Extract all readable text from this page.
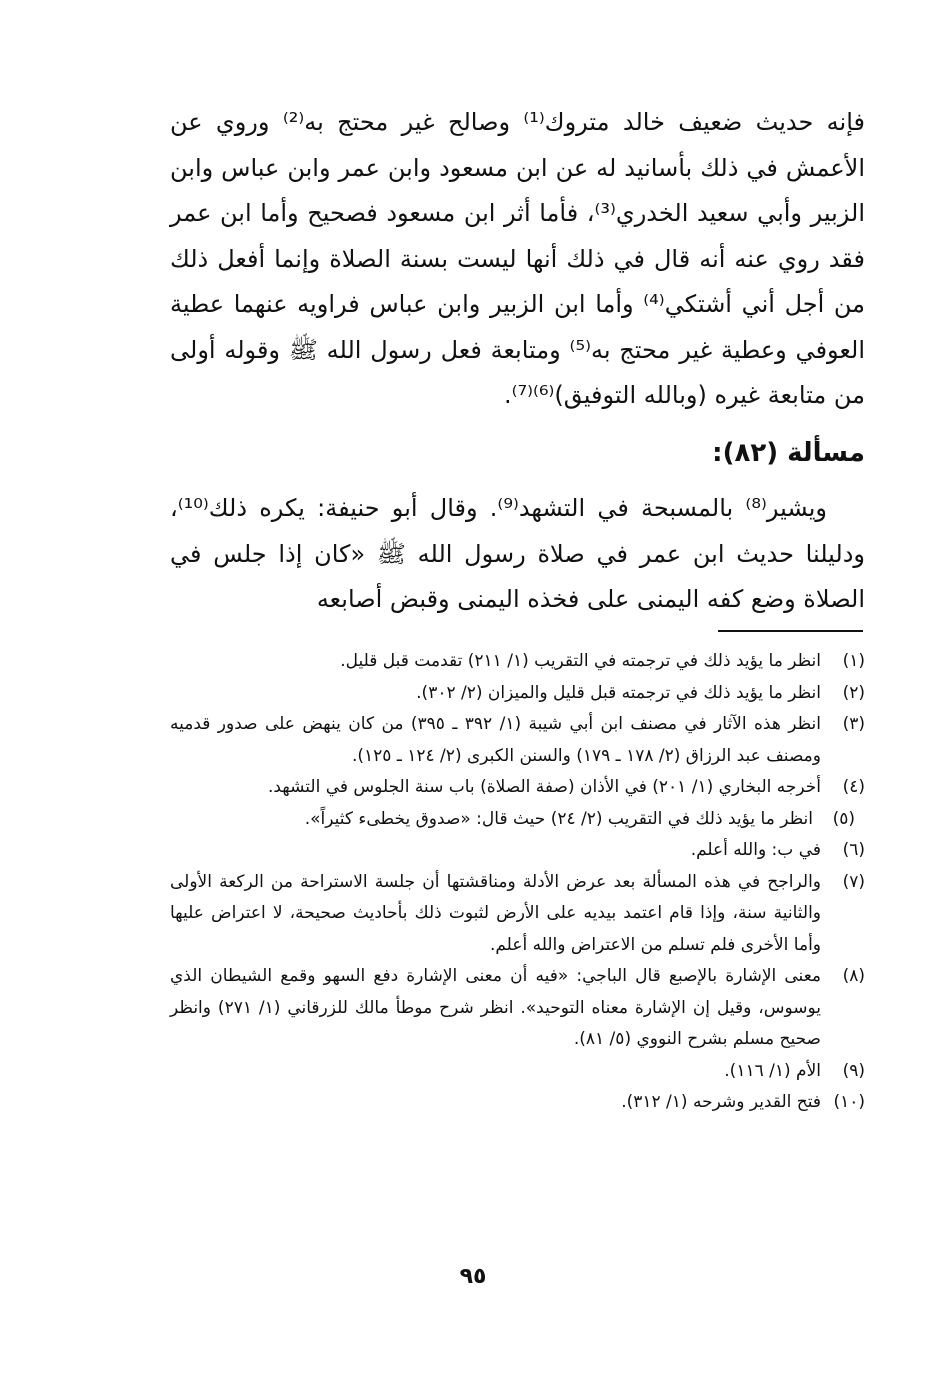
فإنه حديث ضعيف خالد متروك⁽¹⁾ وصالح غير محتج به⁽²⁾ وروي عن الأعمش في ذلك بأسانيد له عن ابن مسعود وابن عمر وابن عباس وابن الزبير وأبي سعيد الخدري⁽³⁾، فأما أثر ابن مسعود فصحيح وأما ابن عمر فقد روي عنه أنه قال في ذلك أنها ليست بسنة الصلاة وإنما أفعل ذلك من أجل أني أشتكي⁽⁴⁾ وأما ابن الزبير وابن عباس فراويه عنهما عطية العوفي وعطية غير محتج به⁽⁵⁾ ومتابعة فعل رسول الله ﷺ وقوله أولى من متابعة غيره (وبالله التوفيق)⁽⁶⁾⁽⁷⁾.

مسألة (٨٢):

ويشير⁽⁸⁾ بالمسبحة في التشهد⁽⁹⁾. وقال أبو حنيفة: يكره ذلك⁽¹⁰⁾، ودليلنا حديث ابن عمر في صلاة رسول الله ﷺ «كان إذا جلس في الصلاة وضع كفه اليمنى على فخذه اليمنى وقبض أصابعه

(١)
انظر ما يؤيد ذلك في ترجمته في التقريب (١/ ٢١١) تقدمت قبل قليل.
(٢)
انظر ما يؤيد ذلك في ترجمته قبل قليل والميزان (٢/ ٣٠٢).
(٣)
انظر هذه الآثار في مصنف ابن أبي شيبة (١/ ٣٩٢ ـ ٣٩٥) من كان ينهض على صدور قدميه ومصنف عبد الرزاق (٢/ ١٧٨ ـ ١٧٩) والسنن الكبرى (٢/ ١٢٤ ـ ١٢٥).
(٤)
أخرجه البخاري (١/ ٢٠١) في الأذان (صفة الصلاة) باب سنة الجلوس في التشهد.
(٥)
انظر ما يؤيد ذلك في التقريب (٢/ ٢٤) حيث قال: «صدوق يخطىء كثيراً».
(٦)
في ب: والله أعلم.
(٧)
والراجح في هذه المسألة بعد عرض الأدلة ومناقشتها أن جلسة الاستراحة من الركعة الأولى والثانية سنة، وإذا قام اعتمد بيديه على الأرض لثبوت ذلك بأحاديث صحيحة، لا اعتراض عليها وأما الأخرى فلم تسلم من الاعتراض والله أعلم.
(٨)
معنى الإشارة بالإصبع قال الباجي: «فيه أن معنى الإشارة دفع السهو وقمع الشيطان الذي يوسوس، وقيل إن الإشارة معناه التوحيد». انظر شرح موطأ مالك للزرقاني (١/ ٢٧١) وانظر صحيح مسلم بشرح النووي (٥/ ٨١).
(٩)
الأم (١/ ١١٦).
(١٠)
فتح القدير وشرحه (١/ ٣١٢).
٩٥
